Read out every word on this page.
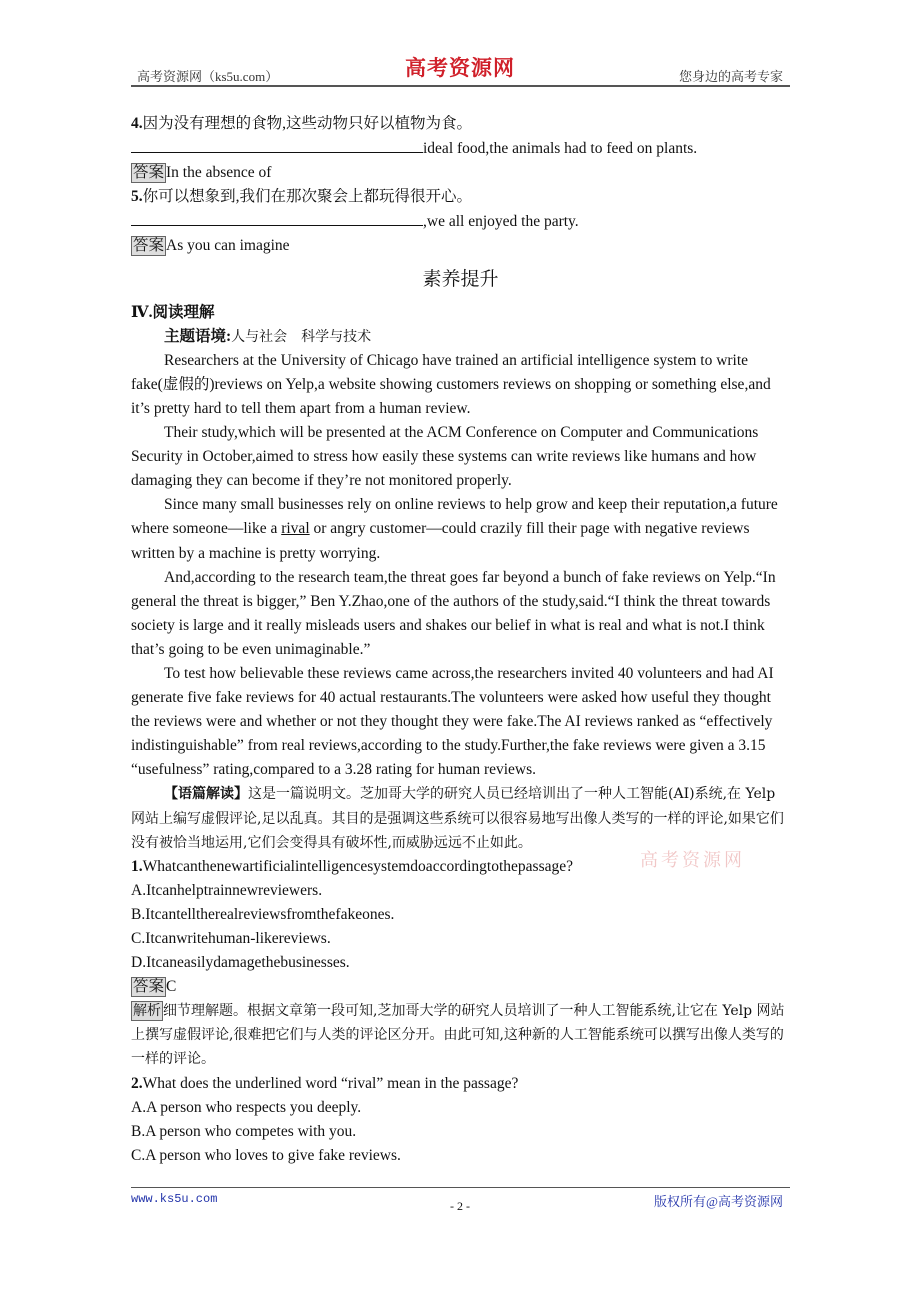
高考资源网（ks5u.com）	高考资源网	您身边的高考专家

4.因为没有理想的食物,这些动物只好以植物为食。

ideal food,the animals had to feed on plants.

答案 In the absence of

5.你可以想象到,我们在那次聚会上都玩得很开心。

,we all enjoyed the party.

答案 As you can imagine

素养提升

Ⅳ.阅读理解

主题语境:人与社会　科学与技术

Researchers at the University of Chicago have trained an artificial intelligence system to write fake(虚假的)reviews on Yelp,a website showing customers reviews on shopping or something else,and it’s pretty hard to tell them apart from a human review.

Their study,which will be presented at the ACM Conference on Computer and Communications Security in October,aimed to stress how easily these systems can write reviews like humans and how damaging they can become if they’re not monitored properly.

Since many small businesses rely on online reviews to help grow and keep their reputation,a future where someone—like a rival or angry customer—could crazily fill their page with negative reviews written by a machine is pretty worrying.

And,according to the research team,the threat goes far beyond a bunch of fake reviews on Yelp.“In general the threat is bigger,” Ben Y.Zhao,one of the authors of the study,said.“I think the threat towards society is large and it really misleads users and shakes our belief in what is real and what is not.I think that’s going to be even unimaginable.”

To test how believable these reviews came across,the researchers invited 40 volunteers and had AI generate five fake reviews for 40 actual restaurants.The volunteers were asked how useful they thought the reviews were and whether or not they thought they were fake.The AI reviews ranked as “effectively indistinguishable” from real reviews,according to the study.Further,the fake reviews were given a 3.15 “usefulness” rating,compared to a 3.28 rating for human reviews.

【语篇解读】这是一篇说明文。芝加哥大学的研究人员已经培训出了一种人工智能(AI)系统,在 Yelp 网站上编写虚假评论,足以乱真。其目的是强调这些系统可以很容易地写出像人类写的一样的评论,如果它们没有被恰当地运用,它们会变得具有破坏性,而威胁远远不止如此。

1.Whatcanthenewartificialintelligencesystemdoaccordingtothepassage?

A.Itcanhelptrainnewreviewers.

B.Itcantelltherealreviewsfromthefakeones.

C.Itcanwritehuman-likereviews.

D.Itcaneasilydamagethebusinesses.

答案 C

解析 细节理解题。根据文章第一段可知,芝加哥大学的研究人员培训了一种人工智能系统,让它在 Yelp 网站上撰写虚假评论,很难把它们与人类的评论区分开。由此可知,这种新的人工智能系统可以撰写出像人类写的一样的评论。

2.What does the underlined word “rival” mean in the passage?

A.A person who respects you deeply.

B.A person who competes with you.

C.A person who loves to give fake reviews.

高考资源网
www.ks5u.com	- 2 -	版权所有@高考资源网
